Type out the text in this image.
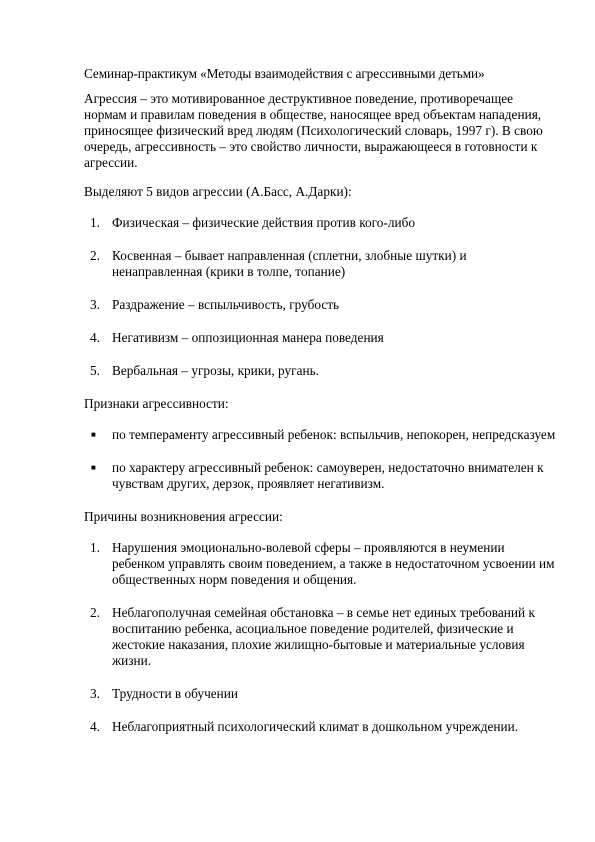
Семинар-практикум «Методы взаимодействия с агрессивными детьми»

Агрессия – это мотивированное деструктивное поведение, противоречащее нормам и правилам поведения в обществе, наносящее вред объектам нападения, приносящее физический вред людям (Психологический словарь, 1997 г). В свою очередь, агрессивность – это свойство личности, выражающееся в готовности к агрессии.

Выделяют 5 видов агрессии (А.Басс, А.Дарки):

1. Физическая – физические действия против кого-либо
2. Косвенная – бывает направленная (сплетни, злобные шутки) и ненаправленная (крики в толпе, топание)
3. Раздражение – вспыльчивость, грубость
4. Негативизм – оппозиционная манера поведения
5. Вербальная – угрозы, крики, ругань.

Признаки агрессивности:

■ по темпераменту агрессивный ребенок: вспыльчив, непокорен, непредсказуем
■ по характеру агрессивный ребенок: самоуверен, недостаточно внимателен к чувствам других, дерзок, проявляет негативизм.

Причины возникновения агрессии:

1. Нарушения эмоционально-волевой сферы – проявляются в неумении ребенком управлять своим поведением, а также в недостаточном усвоении им общественных норм поведения и общения.
2. Неблагополучная семейная обстановка – в семье нет единых требований к воспитанию ребенка, асоциальное поведение родителей, физические и жестокие наказания, плохие жилищно-бытовые и материальные условия жизни.
3. Трудности в обучении
4. Неблагоприятный психологический климат в дошкольном учреждении.
